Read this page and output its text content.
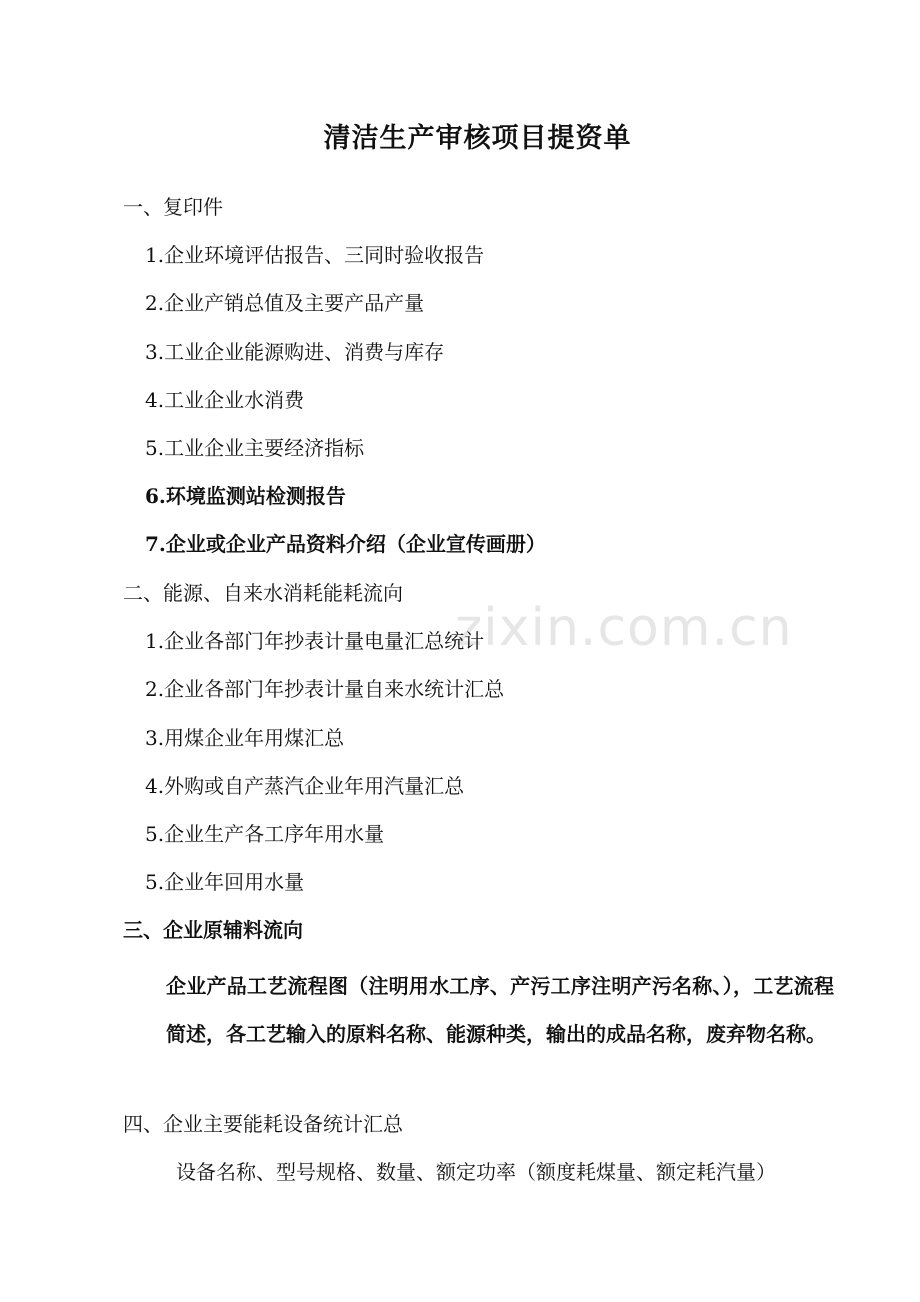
清洁生产审核项目提资单
zixin.com.cn

一、复印件

1.企业环境评估报告、三同时验收报告

2.企业产销总值及主要产品产量

3.工业企业能源购进、消费与库存

4.工业企业水消费

5.工业企业主要经济指标

6.环境监测站检测报告

7.企业或企业产品资料介绍（企业宣传画册）

二、能源、自来水消耗能耗流向

1.企业各部门年抄表计量电量汇总统计

2.企业各部门年抄表计量自来水统计汇总

3.用煤企业年用煤汇总

4.外购或自产蒸汽企业年用汽量汇总

5.企业生产各工序年用水量

5.企业年回用水量

三、企业原辅料流向

企业产品工艺流程图（注明用水工序、产污工序注明产污名称、），工艺流程简述，各工艺输入的原料名称、能源种类，输出的成品名称，废弃物名称。

四、企业主要能耗设备统计汇总

设备名称、型号规格、数量、额定功率（额度耗煤量、额定耗汽量）
